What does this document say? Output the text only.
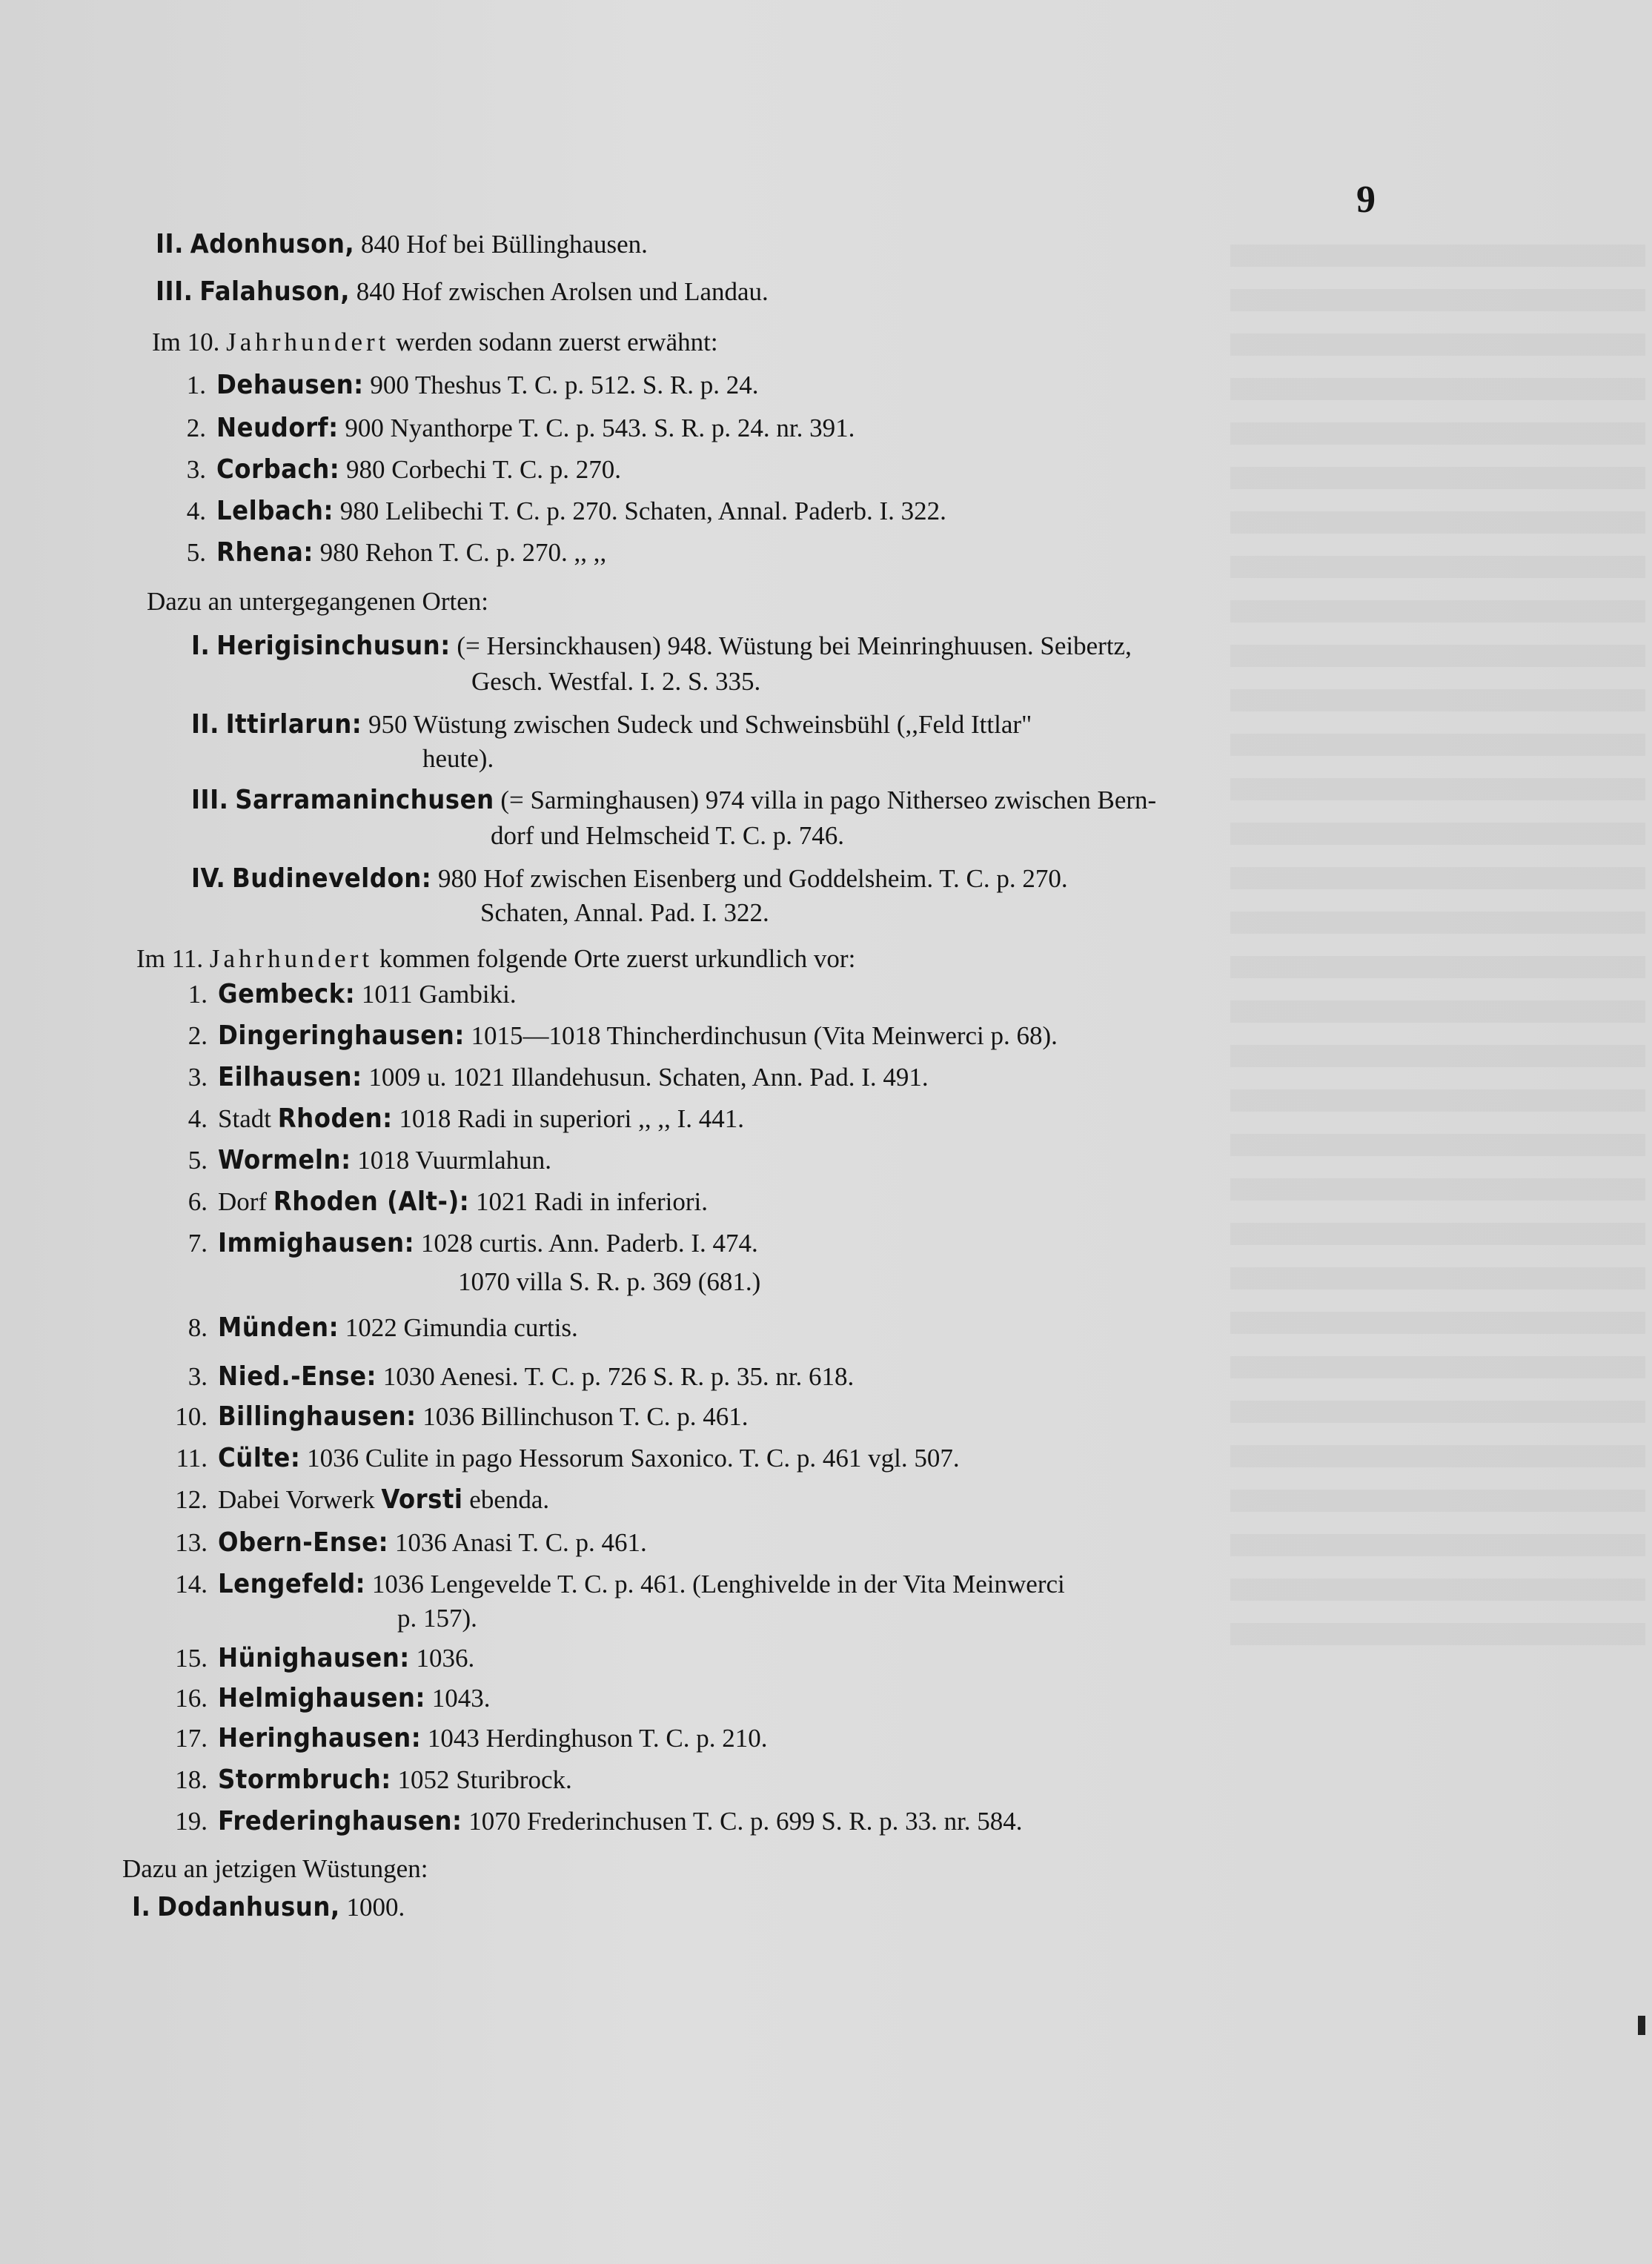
9
II. Adonhuson, 840 Hof bei Büllinghausen.
III. Falahuson, 840 Hof zwischen Arolsen und Landau.
Im 10. Jahrhundert werden sodann zuerst erwähnt:
1. Dehausen: 900 Theshus T. C. p. 512. S. R. p. 24.
2. Neudorf: 900 Nyanthorpe T. C. p. 543. S. R. p. 24. nr. 391.
3. Corbach: 980 Corbechi T. C. p. 270.
4. Lelbach: 980 Lelibechi T. C. p. 270. Schaten, Annal. Paderb. I. 322.
5. Rhena: 980 Rehon T. C. p. 270. ,, ,,
Dazu an untergegangenen Orten:
I. Herigisinchusun: (= Hersinckhausen) 948. Wüstung bei Meinringhuusen. Seibertz,
Gesch. Westfal. I. 2. S. 335.
II. Ittirlarun: 950 Wüstung zwischen Sudeck und Schweinsbühl (,,Feld Ittlar"
heute).
III. Sarramaninchusen (= Sarminghausen) 974 villa in pago Nitherseo zwischen Bern-
dorf und Helmscheid T. C. p. 746.
IV. Budineveldon: 980 Hof zwischen Eisenberg und Goddelsheim. T. C. p. 270.
Schaten, Annal. Pad. I. 322.
Im 11. Jahrhundert kommen folgende Orte zuerst urkundlich vor:
1. Gembeck: 1011 Gambiki.
2. Dingeringhausen: 1015—1018 Thincherdinchusun (Vita Meinwerci p. 68).
3. Eilhausen: 1009 u. 1021 Illandehusun. Schaten, Ann. Pad. I. 491.
4. Stadt Rhoden: 1018 Radi in superiori ,, ,, I. 441.
5. Wormeln: 1018 Vuurmlahun.
6. Dorf Rhoden (Alt-): 1021 Radi in inferiori.
7. Immighausen: 1028 curtis. Ann. Paderb. I. 474.
1070 villa S. R. p. 369 (681.)
8. Münden: 1022 Gimundia curtis.
3. Nied.-Ense: 1030 Aenesi. T. C. p. 726 S. R. p. 35. nr. 618.
10. Billinghausen: 1036 Billinchuson T. C. p. 461.
11. Cülte: 1036 Culite in pago Hessorum Saxonico. T. C. p. 461 vgl. 507.
12. Dabei Vorwerk Vorsti ebenda.
13. Obern-Ense: 1036 Anasi T. C. p. 461.
14. Lengefeld: 1036 Lengevelde T. C. p. 461. (Lenghivelde in der Vita Meinwerci
p. 157).
15. Hünighausen: 1036.
16. Helmighausen: 1043.
17. Heringhausen: 1043 Herdinghuson T. C. p. 210.
18. Stormbruch: 1052 Sturibrock.
19. Frederinghausen: 1070 Frederinchusen T. C. p. 699 S. R. p. 33. nr. 584.
Dazu an jetzigen Wüstungen:
I. Dodanhusun, 1000.
